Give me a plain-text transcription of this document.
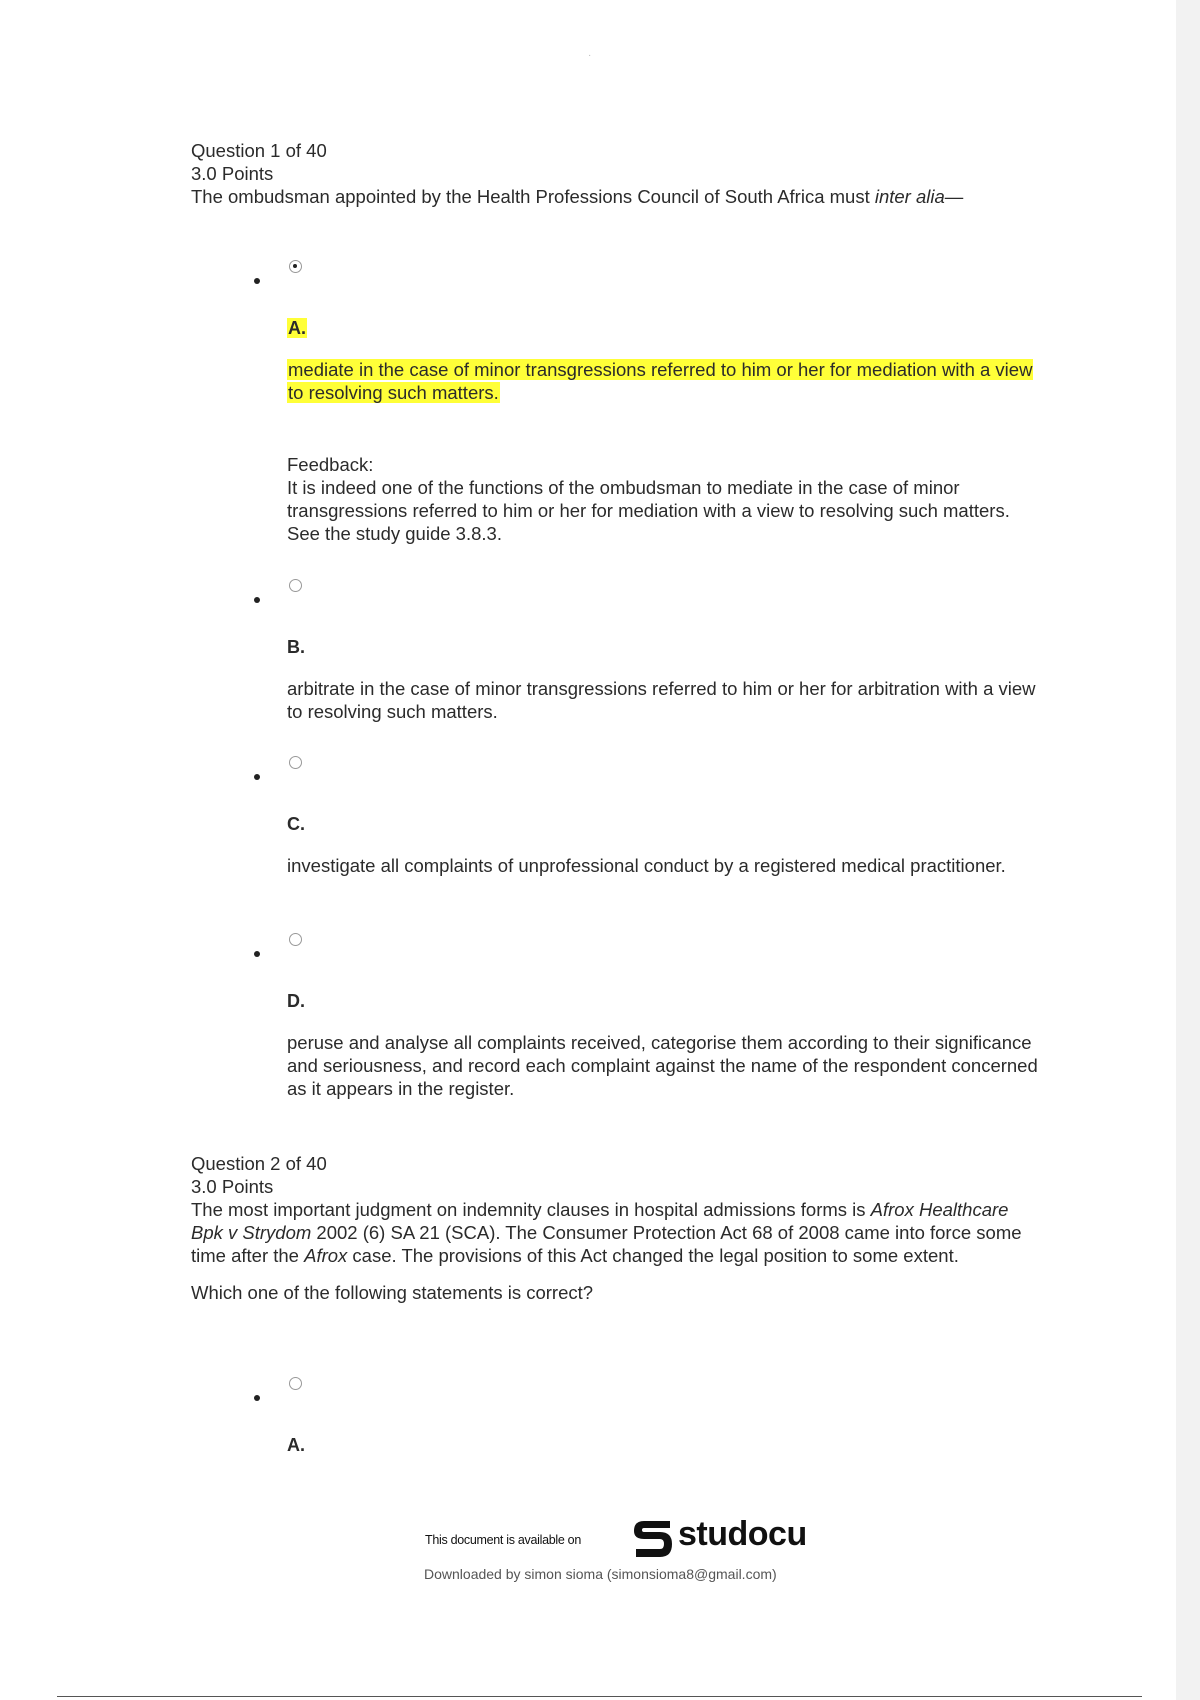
·

Question 1 of 40

3.0 Points

The ombudsman appointed by the Health Professions Council of South Africa must inter alia—

A.
mediate in the case of minor transgressions referred to him or her for mediation with a view to resolving such matters.
Feedback:
It is indeed one of the functions of the ombudsman to mediate in the case of minor transgressions referred to him or her for mediation with a view to resolving such matters. See the study guide 3.8.3.
B.
arbitrate in the case of minor transgressions referred to him or her for arbitration with a view to resolving such matters.
C.
investigate all complaints of unprofessional conduct by a registered medical practitioner.
D.
peruse and analyse all complaints received, categorise them according to their significance and seriousness, and record each complaint against the name of the respondent concerned as it appears in the register.

Question 2 of 40

3.0 Points

The most important judgment on indemnity clauses in hospital admissions forms is Afrox Healthcare Bpk v Strydom 2002 (6) SA 21 (SCA). The Consumer Protection Act 68 of 2008 came into force some time after the Afrox case. The provisions of this Act changed the legal position to some extent.

Which one of the following statements is correct?

A.
This document is available on	studocu
Downloaded by simon sioma (simonsioma8@gmail.com)
